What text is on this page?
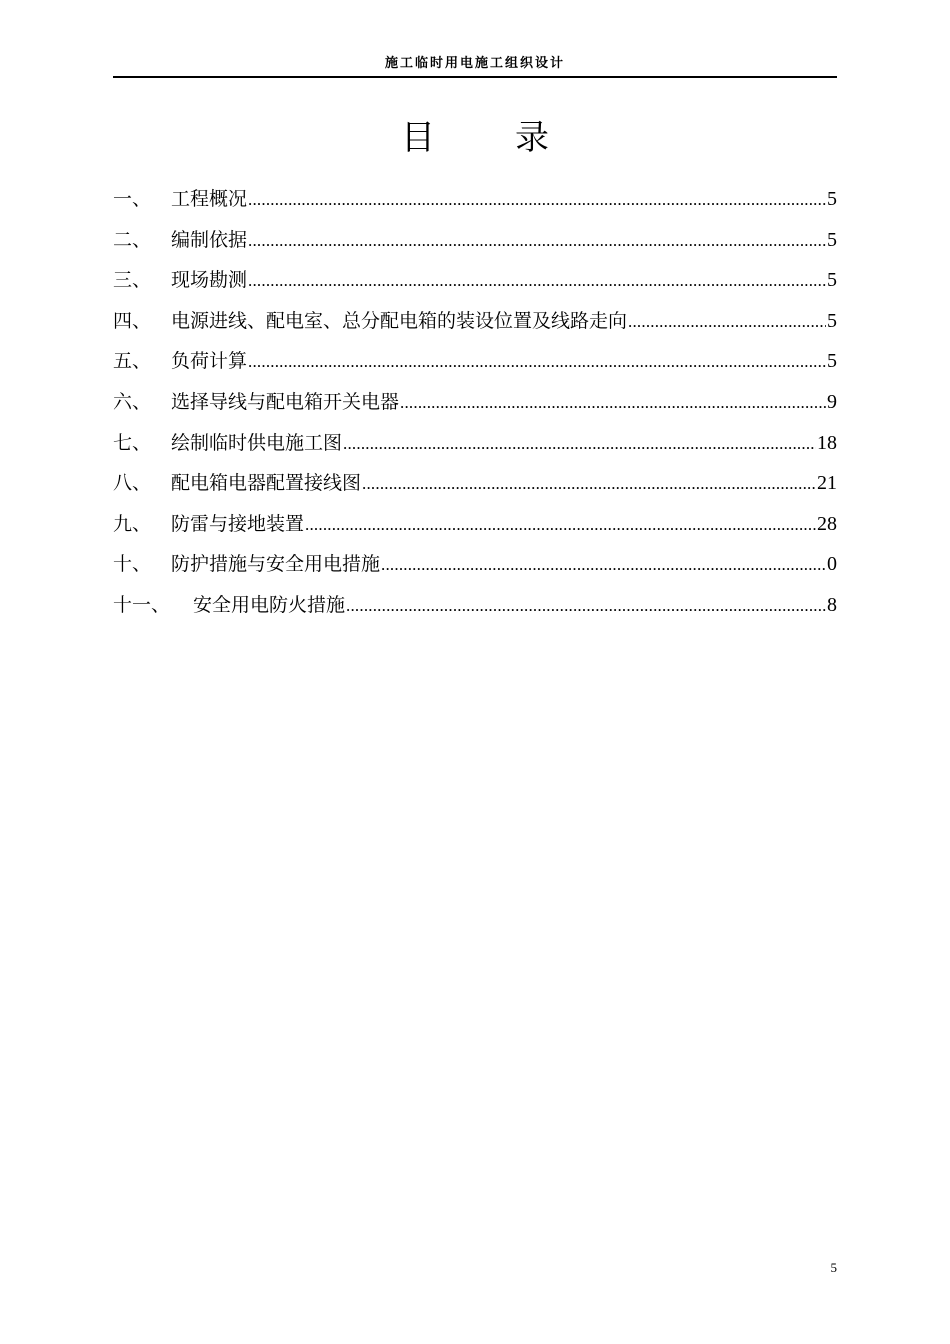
施工临时用电施工组织设计
目 录
一、	工程概况 .....	5
二、	编制依据 .....	5
三、	现场勘测 .....	5
四、	电源进线、配电室、总分配电箱的装设位置及线路走向 .....	5
五、	负荷计算 .....	5
六、	选择导线与配电箱开关电器 .....	9
七、	绘制临时供电施工图 .....	18
八、	配电箱电器配置接线图 .....	21
九、	防雷与接地装置 .....	28
十、	防护措施与安全用电措施 .....	0
十一、	安全用电防火措施 .....	8
5
